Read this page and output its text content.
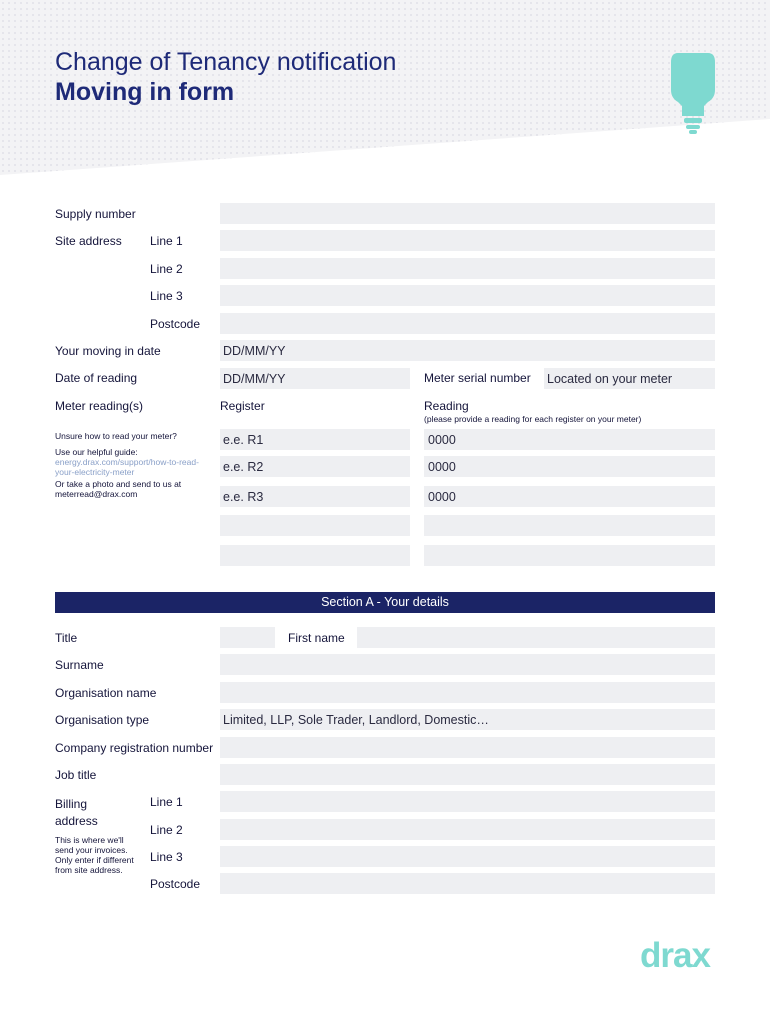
Change of Tenancy notification
Moving in form
Supply number
Site address Line 1
Line 2
Line 3
Postcode
Your moving in date	DD/MM/YY
Date of reading	DD/MM/YY	Meter serial number Located on your meter
Meter reading(s)	Register	Reading
(please provide a reading for each register on your meter)
Unsure how to read your meter?
Use our helpful guide:
energy.drax.com/support/how-to-read-your-electricity-meter
Or take a photo and send to us at meterread@drax.com
e.e. R1	0000
e.e. R2	0000
e.e. R3	0000
Section A - Your details
Title	First name
Surname
Organisation name
Organisation type	Limited, LLP, Sole Trader, Landlord, Domestic…
Company registration number
Job title
Billing address
This is where we'll send your invoices. Only enter if different from site address.
Line 1
Line 2
Line 3
Postcode
drax
